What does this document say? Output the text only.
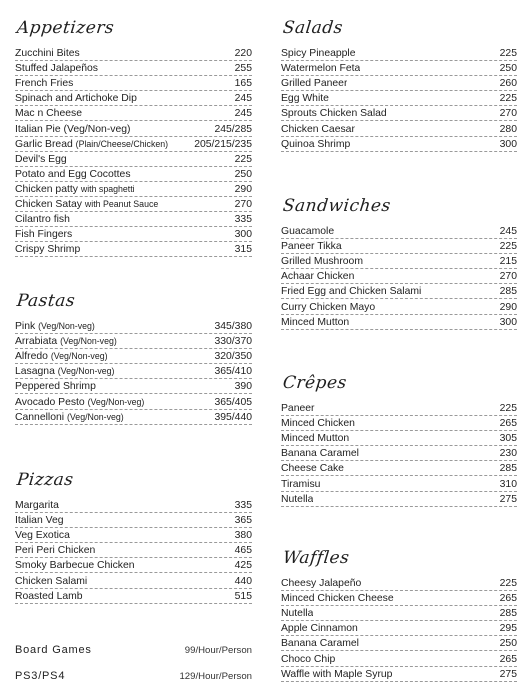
Appetizers
Zucchini Bites	220
Stuffed Jalapeños	255
French Fries	165
Spinach and Artichoke Dip	245
Mac n Cheese	245
Italian Pie (Veg/Non-veg)	245/285
Garlic Bread (Plain/Cheese/Chicken)	205/215/235
Devil's Egg	225
Potato and Egg Cocottes	250
Chicken patty with spaghetti	290
Chicken Satay with Peanut Sauce	270
Cilantro fish	335
Fish Fingers	300
Crispy Shrimp	315
Pastas
Pink (Veg/Non-veg)	345/380
Arrabiata (Veg/Non-veg)	330/370
Alfredo (Veg/Non-veg)	320/350
Lasagna (Veg/Non-veg)	365/410
Peppered Shrimp	390
Avocado Pesto (Veg/Non-veg)	365/405
Cannelloni (Veg/Non-veg)	395/440
Pizzas
Margarita	335
Italian Veg	365
Veg Exotica	380
Peri Peri Chicken	465
Smoky Barbecue Chicken	425
Chicken Salami	440
Roasted Lamb	515
Board Games	99/Hour/Person
PS3/PS4	129/Hour/Person
Salads
Spicy Pineapple	225
Watermelon Feta	250
Grilled Paneer	260
Egg White	225
Sprouts Chicken Salad	270
Chicken Caesar	280
Quinoa Shrimp	300
Sandwiches
Guacamole	245
Paneer Tikka	225
Grilled Mushroom	215
Achaar Chicken	270
Fried Egg and Chicken Salami	285
Curry Chicken Mayo	290
Minced Mutton	300
Crêpes
Paneer	225
Minced Chicken	265
Minced Mutton	305
Banana Caramel	230
Cheese Cake	285
Tiramisu	310
Nutella	275
Waffles
Cheesy Jalapeño	225
Minced Chicken Cheese	265
Nutella	285
Apple Cinnamon	295
Banana Caramel	250
Choco Chip	265
Waffle with Maple Syrup	275
